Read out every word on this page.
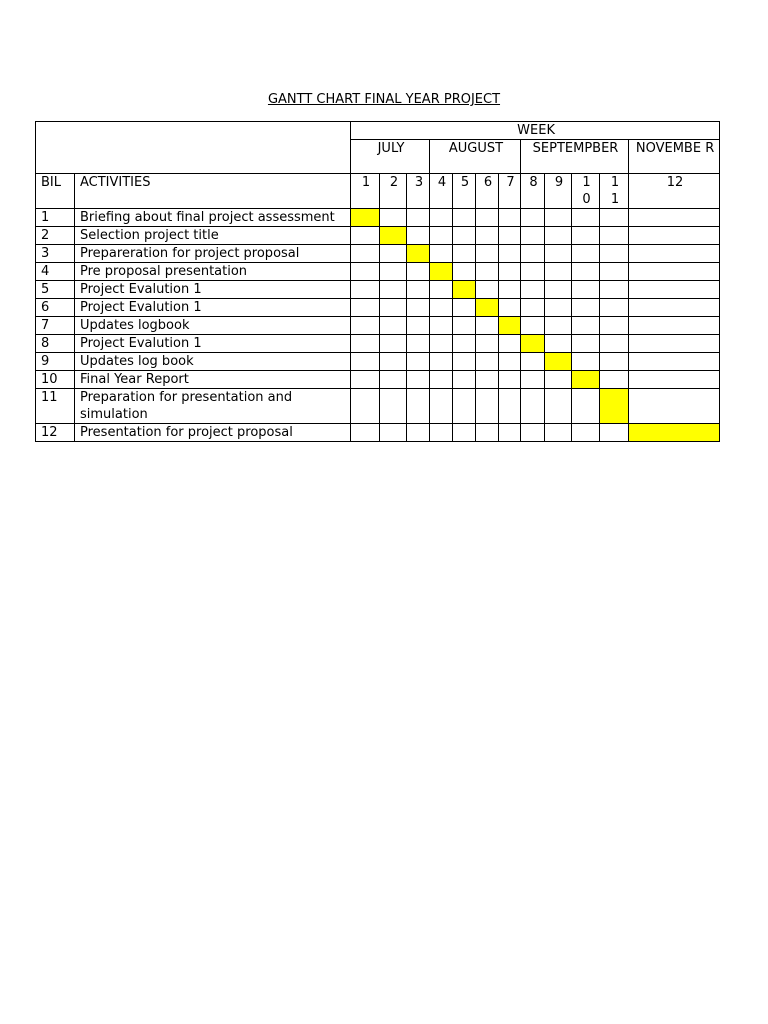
GANTT CHART FINAL YEAR PROJECT
		WEEK											
		JULY			AUGUST				SEPTEMPBER				NOVEMBE R
BIL	ACTIVITIES	1	2	3	4	5	6	7	8	9	1 0	1 1	12
1	Briefing about final project assessment												
2	Selection project title												
3	Prepareration for project proposal												
4	Pre proposal presentation												
5	Project Evalution 1												
6	Project Evalution 1												
7	Updates logbook												
8	Project Evalution 1												
9	Updates log book												
10	Final Year Report												
11	Preparation for presentation and simulation												
12	Presentation for project proposal												
